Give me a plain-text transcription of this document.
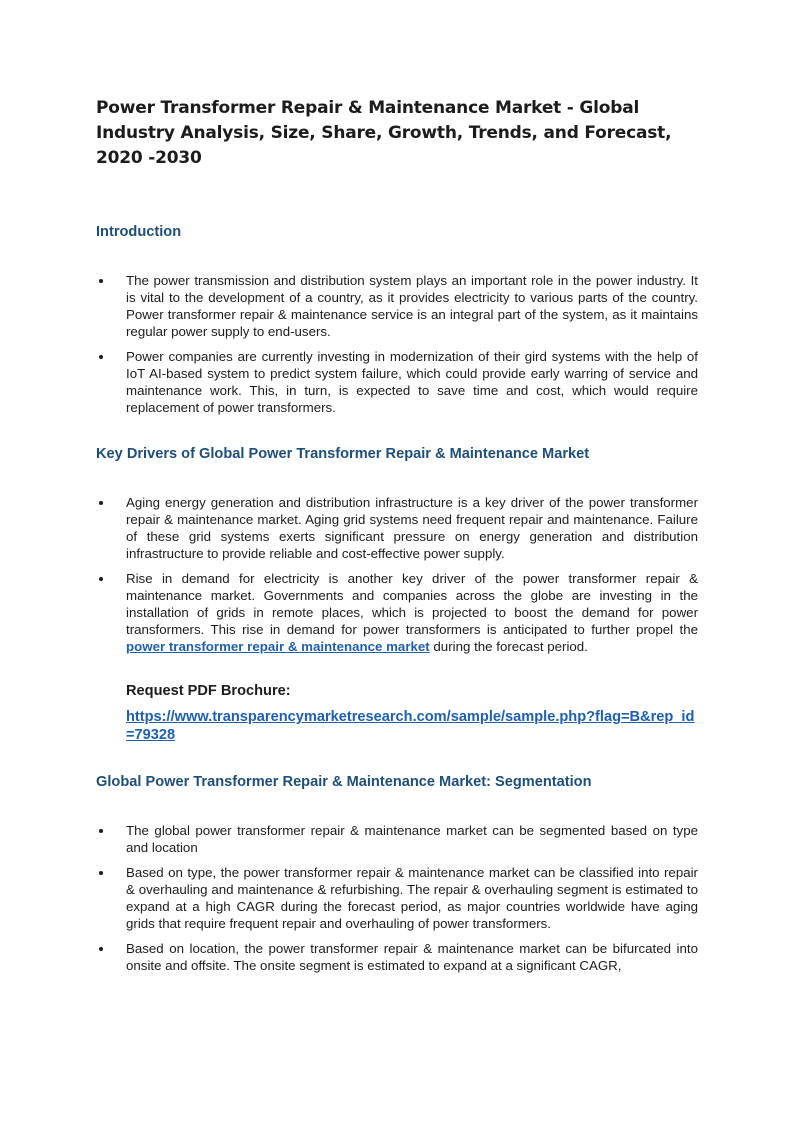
Power Transformer Repair & Maintenance Market - Global Industry Analysis, Size, Share, Growth, Trends, and Forecast, 2020 -2030
Introduction
The power transmission and distribution system plays an important role in the power industry. It is vital to the development of a country, as it provides electricity to various parts of the country. Power transformer repair & maintenance service is an integral part of the system, as it maintains regular power supply to end-users.
Power companies are currently investing in modernization of their gird systems with the help of IoT AI-based system to predict system failure, which could provide early warring of service and maintenance work. This, in turn, is expected to save time and cost, which would require replacement of power transformers.
Key Drivers of Global Power Transformer Repair & Maintenance Market
Aging energy generation and distribution infrastructure is a key driver of the power transformer repair & maintenance market. Aging grid systems need frequent repair and maintenance. Failure of these grid systems exerts significant pressure on energy generation and distribution infrastructure to provide reliable and cost-effective power supply.
Rise in demand for electricity is another key driver of the power transformer repair & maintenance market. Governments and companies across the globe are investing in the installation of grids in remote places, which is projected to boost the demand for power transformers. This rise in demand for power transformers is anticipated to further propel the power transformer repair & maintenance market during the forecast period.

Request PDF Brochure:

https://www.transparencymarketresearch.com/sample/sample.php?flag=B&rep_id=79328
Global Power Transformer Repair & Maintenance Market: Segmentation
The global power transformer repair & maintenance market can be segmented based on type and location
Based on type, the power transformer repair & maintenance market can be classified into repair & overhauling and maintenance & refurbishing. The repair & overhauling segment is estimated to expand at a high CAGR during the forecast period, as major countries worldwide have aging grids that require frequent repair and overhauling of power transformers.
Based on location, the power transformer repair & maintenance market can be bifurcated into onsite and offsite. The onsite segment is estimated to expand at a significant CAGR,
